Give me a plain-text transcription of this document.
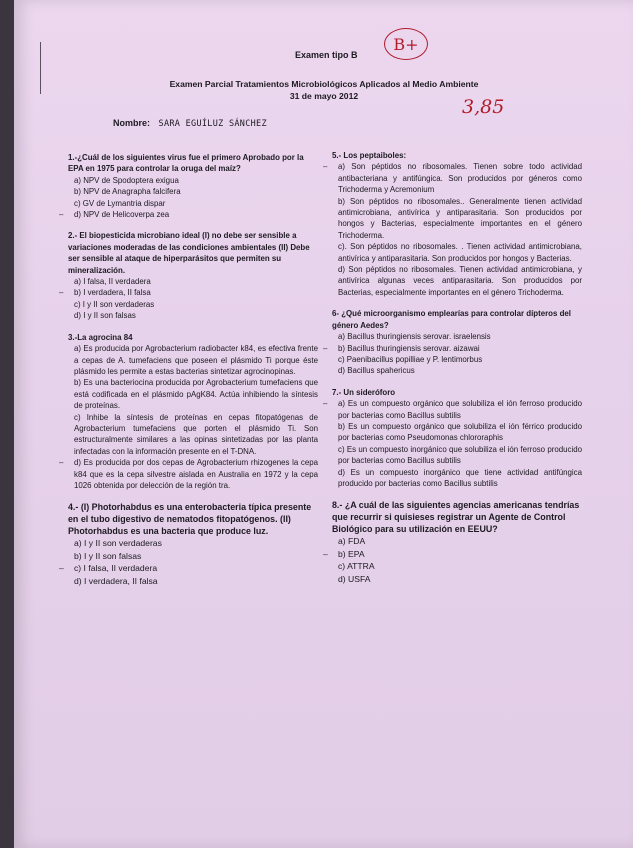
Examen tipo B
B+
Examen Parcial Tratamientos Microbiológicos Aplicados al Medio Ambiente
31 de mayo 2012	3,85
Nombre: SARA EGUÍLUZ SÁNCHEZ
1.-¿Cuál de los siguientes virus fue el primero Aprobado por la EPA en 1975 para controlar la oruga del maíz?
a) NPV de Spodoptera exigua
b) NPV de Anagrapha falcifera
c) GV de Lymantria dispar
– d) NPV de Helicoverpa zea
2.- El biopesticida microbiano ideal (I) no debe ser sensible a variaciones moderadas de las condiciones ambientales (II) Debe ser sensible al ataque de hiperparásitos que permiten su mineralización.
a) I falsa, II verdadera
– b) I verdadera, II falsa
c) I y II son verdaderas
d) I y II son falsas
3.-La agrocina 84
a) Es producida por Agrobacterium radiobacter k84, es efectiva frente a cepas de A. tumefaciens que poseen el plásmido Ti porque éste plásmido les permite a estas bacterias sintetizar agrocinopinas.
b) Es una bacteriocina producida por Agrobacterium tumefaciens que está codificada en el plásmido pAgK84. Actúa inhibiendo la síntesis de proteínas.
c) Inhibe la síntesis de proteínas en cepas fitopatógenas de Agrobacterium tumefaciens que porten el plásmido Ti. Son estructuralmente similares a las opinas sintetizadas por las planta infectadas con la información presente en el T-DNA.
– d) Es producida por dos cepas de Agrobacterium rhizogenes la cepa k84 que es la cepa silvestre aislada en Australia en 1972 y la cepa 1026 obtenida por delección de la región tra.
4.- (I) Photorhabdus es una enterobacteria típica presente en el tubo digestivo de nematodos fitopatógenos. (II) Photorhabdus es una bacteria que produce luz.
a) I y II son verdaderas
b) I y II son falsas
– c) I falsa, II verdadera
d) I verdadera, II falsa
5.- Los peptaiboles:
– a) Son péptidos no ribosomales. Tienen sobre todo actividad antibacteriana y antifúngica. Son producidos por géneros como Trichoderma y Acremonium
b) Son péptidos no ribosomales.. Generalmente tienen actividad antimicrobiana, antivírica y antiparasitaria. Son producidos por hongos y Bacterias, especialmente importantes en el género Trichoderma.
c). Son péptidos no ribosomales. . Tienen actividad antimicrobiana, antivírica y antiparasitaria. Son producidos por hongos y Bacterias.
d) Son péptidos no ribosomales. Tienen actividad antimicrobiana, y antivírica algunas veces antiparasitaria. Son producidos por Bacterias, especialmente importantes en el género Trichoderma.
6- ¿Qué microorganismo emplearías para controlar dípteros del género Aedes?
a) Bacillus thuringiensis serovar. israelensis
– b) Bacillus thuringiensis serovar. aizawai
c) Paenibacillus popilliae y P. lentimorbus
d) Bacillus spahericus
7.- Un sideróforo
– a) Es un compuesto orgánico que solubiliza el ión ferroso producido por bacterias como Bacillus subtilis
b) Es un compuesto orgánico que solubiliza el ión férrico producido por bacterias como Pseudomonas chlororaphis
c) Es un compuesto inorgánico que solubiliza el ión ferroso producido por bacterias como Bacillus subtilis
d) Es un compuesto inorgánico que tiene actividad antifúngica producido por bacterias como Bacillus subtilis
8.- ¿A cuál de las siguientes agencias americanas tendrías que recurrir si quisieses registrar un Agente de Control Biológico para su utilización en EEUU?
a) FDA
– b) EPA
c) ATTRA
d) USFA
